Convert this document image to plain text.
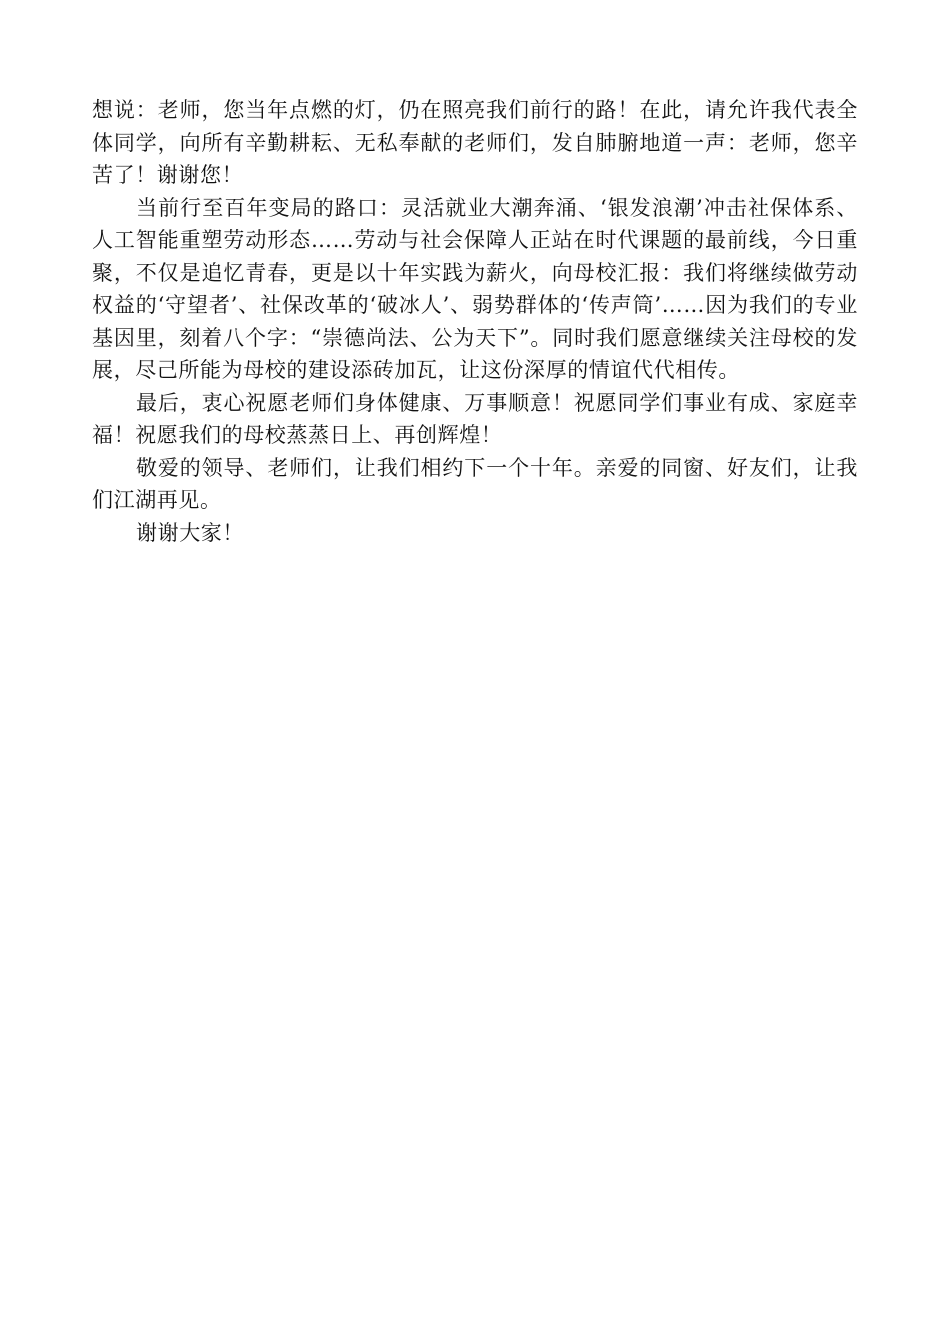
想说：老师，您当年点燃的灯，仍在照亮我们前行的路！在此，请允许我代表全体同学，向所有辛勤耕耘、无私奉献的老师们，发自肺腑地道一声：老师，您辛苦了！谢谢您！

当前行至百年变局的路口：灵活就业大潮奔涌、‘银发浪潮’冲击社保体系、人工智能重塑劳动形态……劳动与社会保障人正站在时代课题的最前线，今日重聚，不仅是追忆青春，更是以十年实践为薪火，向母校汇报：我们将继续做劳动权益的‘守望者’、社保改革的‘破冰人’、弱势群体的‘传声筒’……因为我们的专业基因里，刻着八个字：“崇德尚法、公为天下”。同时我们愿意继续关注母校的发展，尽己所能为母校的建设添砖加瓦，让这份深厚的情谊代代相传。

最后，衷心祝愿老师们身体健康、万事顺意！祝愿同学们事业有成、家庭幸福！祝愿我们的母校蒸蒸日上、再创辉煌！

敬爱的领导、老师们，让我们相约下一个十年。亲爱的同窗、好友们，让我们江湖再见。

谢谢大家！
